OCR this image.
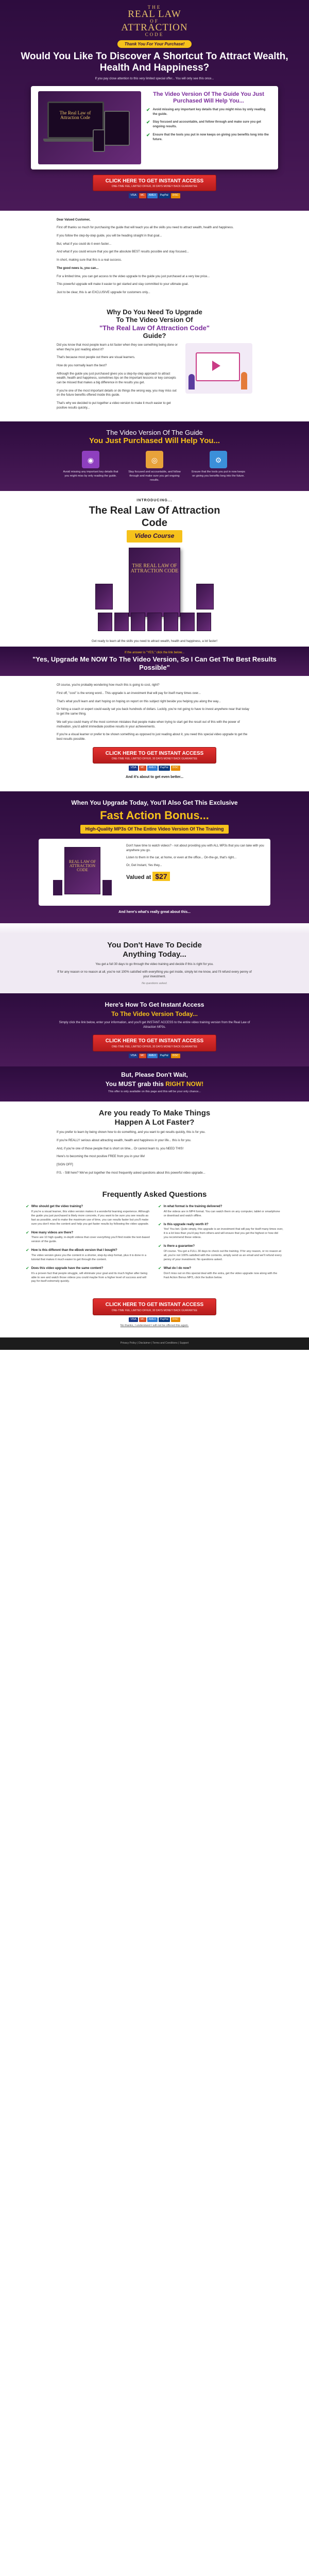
THE
REAL LAW
OF
ATTRACTION
CODE
Thank You For Your Purchase!
Would You Like To Discover A Shortcut To Attract Wealth, Health And Happiness?
If you pay close attention to this very limited special offer... You will only see this once...
The Real Law of Attraction Code
The Video Version Of The Guide You Just Purchased Will Help You...
✔ Avoid missing any important key details that you might miss by only reading the guide.
✔ Stay focused and accountable, and follow through and make sure you get ongoing results.
✔ Ensure that the tools you put in now keeps on giving you benefits long into the future.
CLICK HERE TO GET INSTANT ACCESS
ONE-TIME FEE, LIMITED OFFER, 30 DAYS MONEY BACK GUARANTEE
VISA MC AMEX PayPal DISC

Dear Valued Customer,

First off thanks so much for purchasing the guide that will teach you all the skills you need to attract wealth, health and happiness.

If you follow the step-by-step guide, you will be heading straight in that goal...

But, what if you could do it even faster...

And what if you could ensure that you get the absolute BEST results possible and stay focused...

In short, making sure that this is a real success.

The good news is, you can...

For a limited time, you can get access to the video upgrade to the guide you just purchased at a very low price...

This powerful upgrade will make it easier to get started and stay committed to your ultimate goal.

Just to be clear, this is an EXCLUSIVE upgrade for customers only...

Why Do You Need To Upgrade
To The Video Version Of
"The Real Law Of Attraction Code"
Guide?

Did you know that most people learn a lot faster when they see something being done or when they're just reading about it?

That's because most people out there are visual learners.

How do you normally learn the best?

Although the guide you just purchased gives you a step-by-step approach to attract wealth, health and happiness, sometimes tips on the important lessons or key concepts can be missed that makes a big difference in the results you get.

If you're one of the most important details or do things the wrong way, you may miss out on the future benefits offered inside this guide.

That's why we decided to put together a video version to make it much easier to get positive results quickly...

The Video Version Of The Guide
You Just Purchased Will Help You...
◉

Avoid missing any important key details that you might miss by only reading the guide.

◎

Stay focused and accountable, and follow through and make sure you get ongoing results.

⚙

Ensure that the tools you put in now keeps on giving you benefits long into the future.

INTRODUCING...
The Real Law Of Attraction
Code
Video Course
THE REAL LAW OF ATTRACTION CODE

Get ready to learn all the skills you need to attract wealth, health and happiness, a lot faster!

If the answer is "YES," click the link below...
"Yes, Upgrade Me NOW To The Video Version, So I Can Get The Best Results Possible"

Of course, you're probably wondering how much this is going to cost, right?

First off, "cost" is the wrong word... This upgrade is an investment that will pay for itself many times over...

That's what you'll learn and start hoping on hoping on report on this subject right beside you helping you along the way...

Or hiring a coach or expert could easily set you back hundreds of dollars. Luckily, you're not going to have to invest anywhere near that today to get the same thing.

We sell you could many of the most common mistakes that people make when trying to start get the result out of this with the power of motivation, you'd admit immediate positive results in your achievements.

If you're a visual learner or prefer to be shown something as opposed to just reading about it, you need this special video upgrade to get the best results possible.

CLICK HERE TO GET INSTANT ACCESS
ONE-TIME FEE, LIMITED OFFER, 30 DAYS MONEY BACK GUARANTEE
VISA MC AMEX PayPal DISC
And it's about to get even better...
When You Upgrade Today, You'll Also Get This Exclusive
Fast Action Bonus...
High-Quality MP3s Of The Entire Video Version Of The Training
REAL LAW OF ATTRACTION CODE

Don't have time to watch videos? - not about providing you with ALL MP3s that you can take with you anywhere you go.

Listen to them in the car, at home, or even at the office... On-the-go, that's right...

Or, Get Instant, Yes they...

Valued at $27
And here's what's really great about this...
You Don't Have To Decide
Anything Today...

You get a full 30 days to go through the video training and decide if this is right for you.

If for any reason or no reason at all, you're not 100% satisfied with everything you get inside, simply let me know, and I'll refund every penny of your investment.

No questions asked.
Here's How To Get Instant Access
To The Video Version Today...

Simply click the link below, enter your information, and you'll get INSTANT ACCESS to the entire video training version from the Real Law of Attraction MP3s.

CLICK HERE TO GET INSTANT ACCESS
ONE-TIME FEE, LIMITED OFFER, 30 DAYS MONEY BACK GUARANTEE
VISA MC AMEX PayPal DISC
But, Please Don't Wait,
You MUST grab this RIGHT NOW!
This offer is only available on this page and this will be your only chance...
Are you ready To Make Things
Happen A Lot Faster?

If you prefer to learn by being shown how to do something, and you want to get results quickly, this is for you.

If you're REALLY serious about attracting wealth, health and happiness in your life... this is for you.

And, if you're one of those people that is short on time... Or cannot learn to, you NEED THIS!

Here's to becoming the most positive FREE from you in your life!

[SIGN OFF]

P.S. - Still here? We've put together the most frequently asked questions about this powerful video upgrade...

Frequently Asked Questions
✔ Who should get the video training?
If you're a visual learner, this video version makes it a wonderful learning experience. Although the guide you just purchased is likely more concrete, if you want to be sure you see results as fast as possible, and to make the maximum use of time, you can results faster but you'll make sure you don't miss the content and help you get faster results by following the video upgrade.
✔ How many videos are there?
There are 10 high quality, in-depth videos that cover everything you'll find inside the text-based version of the guide.
✔ How is this different than the eBook version that I bought?
The video version gives you the content in a shorter, step-by-step format, plus it is done in a tutorial that makes it much easier to get through the content.
✔ Does this video upgrade have the same content?
It's a proven fact that people struggle, will eliminate your goal and its much higher after being able to see and watch those videos you could maybe from a higher level of success and will pay for itself extremely quickly.
✔ In what format is the training delivered?
All the videos are in MP4 format. You can watch them on any computer, tablet or smartphone or download and watch offline.
✔ Is this upgrade really worth it?
Yes! You bet. Quite simply, this upgrade is an investment that will pay for itself many times over, it is a lot less than you'd pay from others-and will ensure that you get the highest or how did you recommend these videos.
✔ Is there a guarantee?
Of course. You get a FULL 30 days to check out the training. If for any reason, or no reason at all, you're not 100% satisfied with the contents, simply send us an email and we'll refund every penny of your investment. No questions asked.
✔ What do I do now?
Don't miss out on this special deal with the extra, get the video upgrade now along with the Fast Action Bonus MP3, click the button below.
CLICK HERE TO GET INSTANT ACCESS
ONE-TIME FEE, LIMITED OFFER, 30 DAYS MONEY BACK GUARANTEE
VISA MC AMEX PayPal DISC
No thanks, I understand I will not be offered this again.
Privacy Policy | Disclaimer | Terms and Conditions | Support
